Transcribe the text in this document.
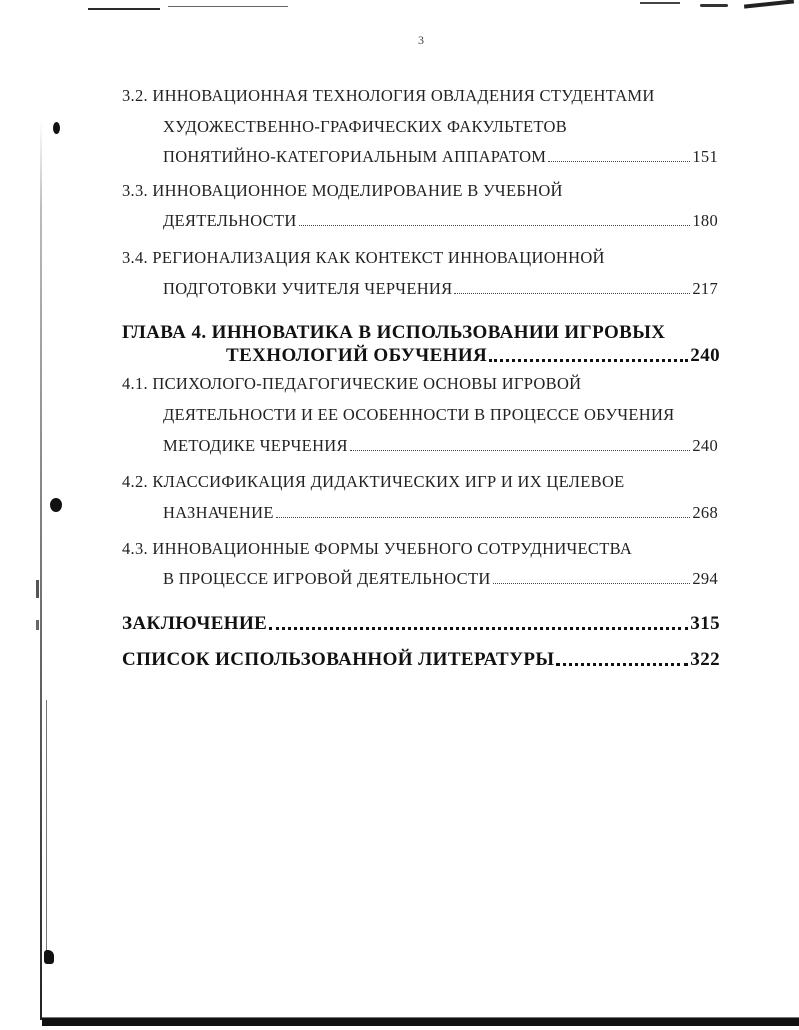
3
3.2. ИННОВАЦИОННАЯ ТЕХНОЛОГИЯ ОВЛАДЕНИЯ СТУДЕНТАМИ
ХУДОЖЕСТВЕННО-ГРАФИЧЕСКИХ ФАКУЛЬТЕТОВ
ПОНЯТИЙНО-КАТЕГОРИАЛЬНЫМ АППАРАТОМ	151
3.3. ИННОВАЦИОННОЕ МОДЕЛИРОВАНИЕ В УЧЕБНОЙ
ДЕЯТЕЛЬНОСТИ	180
3.4. РЕГИОНАЛИЗАЦИЯ КАК КОНТЕКСТ ИННОВАЦИОННОЙ
ПОДГОТОВКИ УЧИТЕЛЯ ЧЕРЧЕНИЯ	217
ГЛАВА 4. ИННОВАТИКА В ИСПОЛЬЗОВАНИИ ИГРОВЫХ
ТЕХНОЛОГИЙ ОБУЧЕНИЯ	240
4.1. ПСИХОЛОГО-ПЕДАГОГИЧЕСКИЕ ОСНОВЫ ИГРОВОЙ
ДЕЯТЕЛЬНОСТИ И ЕЕ ОСОБЕННОСТИ В ПРОЦЕССЕ ОБУЧЕНИЯ
МЕТОДИКЕ ЧЕРЧЕНИЯ	240
4.2. КЛАССИФИКАЦИЯ ДИДАКТИЧЕСКИХ ИГР И ИХ ЦЕЛЕВОЕ
НАЗНАЧЕНИЕ	268
4.3. ИННОВАЦИОННЫЕ ФОРМЫ УЧЕБНОГО СОТРУДНИЧЕСТВА
В ПРОЦЕССЕ ИГРОВОЙ ДЕЯТЕЛЬНОСТИ	294
ЗАКЛЮЧЕНИЕ	315
СПИСОК ИСПОЛЬЗОВАННОЙ ЛИТЕРАТУРЫ	322
